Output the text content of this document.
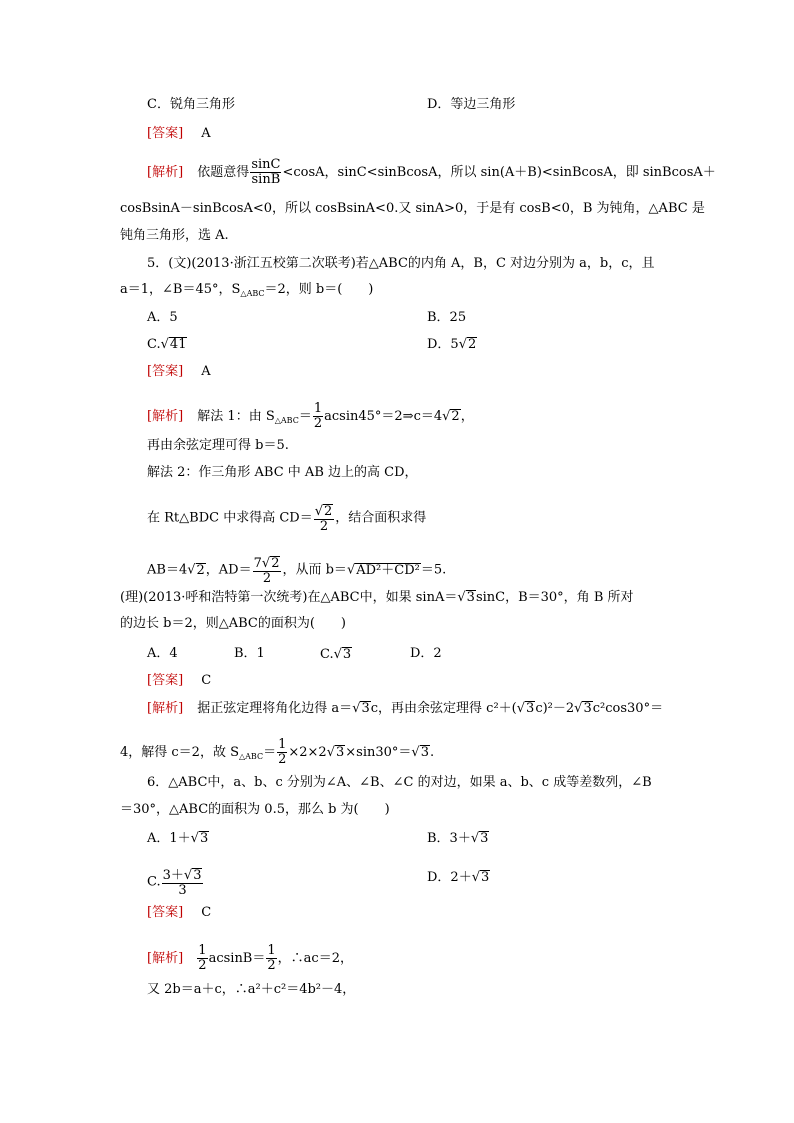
C．锐角三角形	D．等边三角形
[答案] A
[解析] 依题意得 $\frac{\sin C}{\sin B} <\cos A$，sinC<sinBcosA，所以 sin(A＋B)<sinBcosA，即 sinBcosA＋
cosBsinA－sinBcosA<0，所以 cosBsinA<0.又 sinA>0，于是有 cosB<0，B 为钝角，△ABC 是
钝角三角形，选 A.
5．(文)(2013·浙江五校第二次联考)若△ABC的内角 A，B，C 对边分别为 a，b，c，且
a＝1，∠B＝45°，$S_{\triangle ABC}=2$，则 b＝(　　)
A．5	B．25
C.√41	D．5√2
[答案] A
[解析] 解法 1：由 $S_{\triangle ABC}= \frac{1}{2}$ acsin45°＝2⇒c＝4√2，
再由余弦定理可得 b＝5.
解法 2：作三角形 ABC 中 AB 边上的高 CD，
在 Rt△BDC 中求得高 $CD= \frac{√2}{2}$ ，结合面积求得
AB＝4√2，$AD= \frac{7√2}{2}$ ，从而 b＝√AD²＋CD²＝5.
(理)(2013·呼和浩特第一次统考)在△ABC中，如果 sinA＝√3sinC，B＝30°，角 B 所对
的边长 b＝2，则△ABC的面积为(　　)
A．4	B．1	C.√3	D．2
[答案] C
[解析] 据正弦定理将角化边得 a＝√3c，再由余弦定理得 c²＋(√3c)²－2√3c²cos30°＝
4，解得 c＝2，故 $S_{\triangle ABC}= \frac{1}{2} \times 2\times 2√3\times\sin 30^\circ=√3$.
6．△ABC中，a、b、c 分别为∠A、∠B、∠C 的对边，如果 a、b、c 成等差数列，∠B
＝30°，△ABC的面积为 0.5，那么 b 为(　　)
A．1＋√3	B．3＋√3
C. $\frac{3+√3}{3}$	D．2＋√3
[答案] C
[解析] $\frac{1}{2} acsinB= \frac{1}{2}$ ，∴ac＝2，
又 2b＝a＋c，∴a²＋c²＝4b²－4，
